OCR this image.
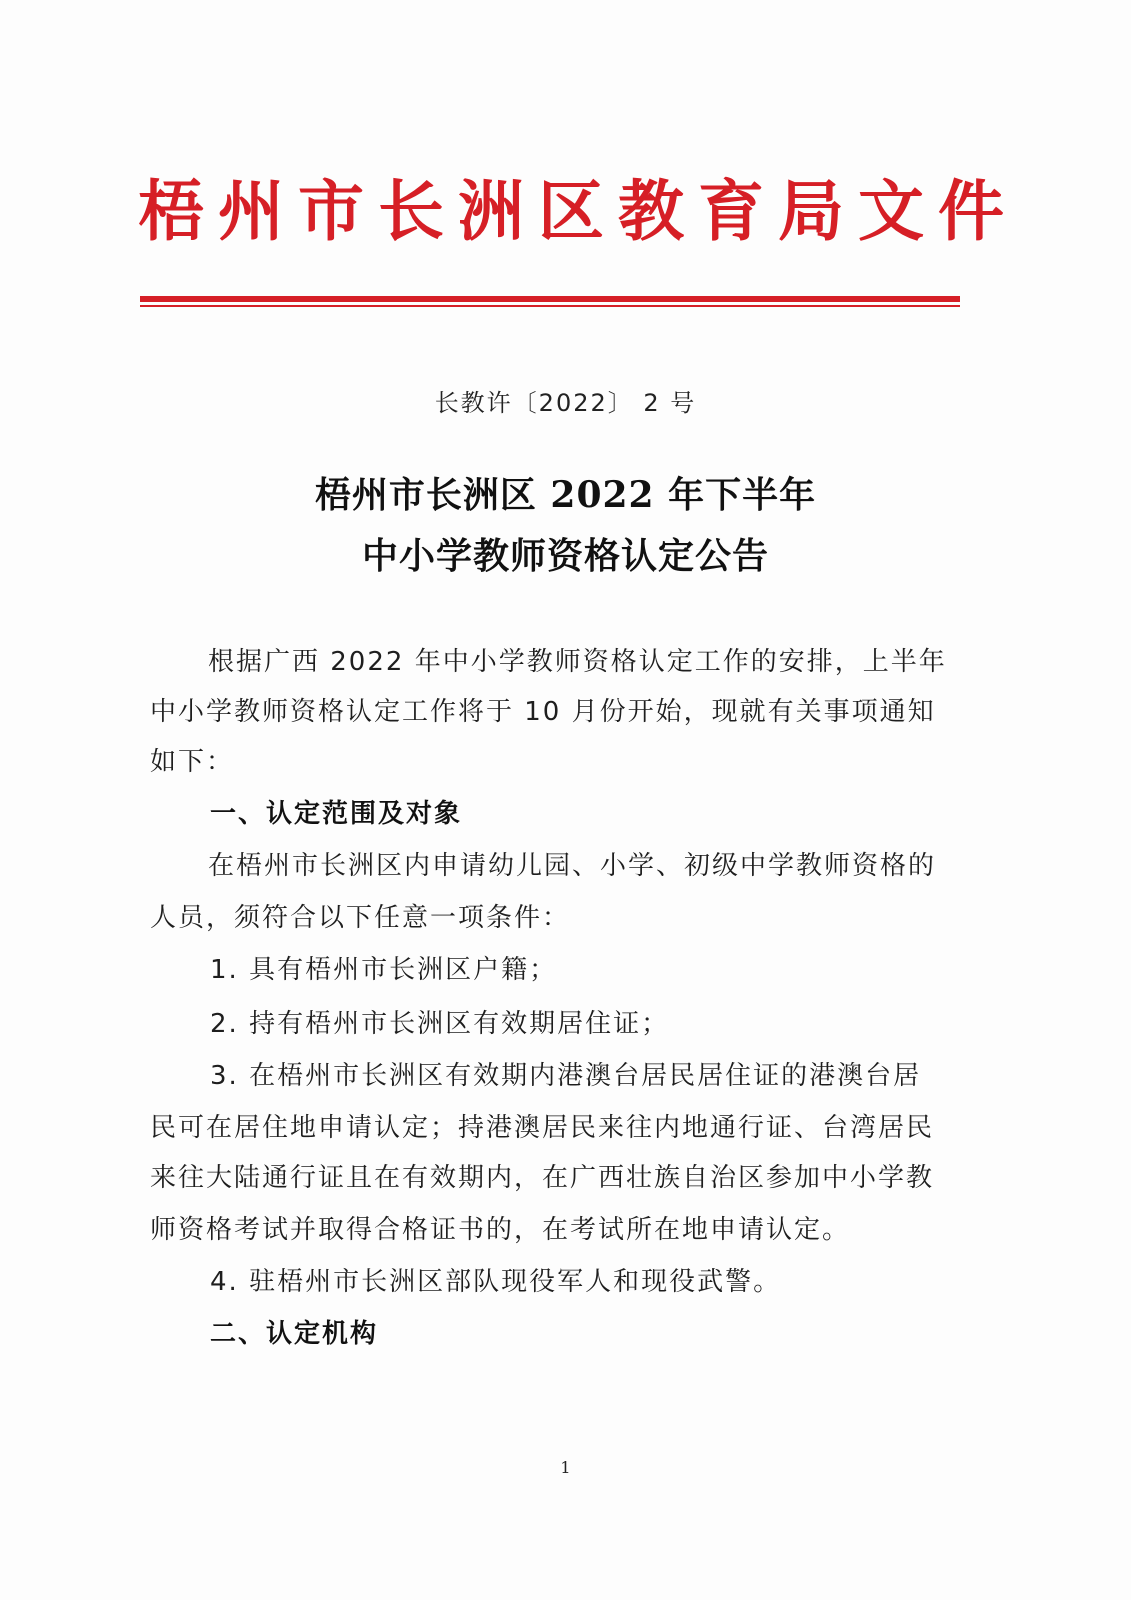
梧州市长洲区教育局文件
长教许〔2022〕 2 号
梧州市长洲区 2022 年下半年
中小学教师资格认定公告
根据广西 2022 年中小学教师资格认定工作的安排，上半年
中小学教师资格认定工作将于 10 月份开始，现就有关事项通知
如下：
一、认定范围及对象
在梧州市长洲区内申请幼儿园、小学、初级中学教师资格的
人员，须符合以下任意一项条件：
1. 具有梧州市长洲区户籍；
2. 持有梧州市长洲区有效期居住证；
3. 在梧州市长洲区有效期内港澳台居民居住证的港澳台居
民可在居住地申请认定；持港澳居民来往内地通行证、台湾居民
来往大陆通行证且在有效期内，在广西壮族自治区参加中小学教
师资格考试并取得合格证书的，在考试所在地申请认定。
4. 驻梧州市长洲区部队现役军人和现役武警。
二、认定机构
1
